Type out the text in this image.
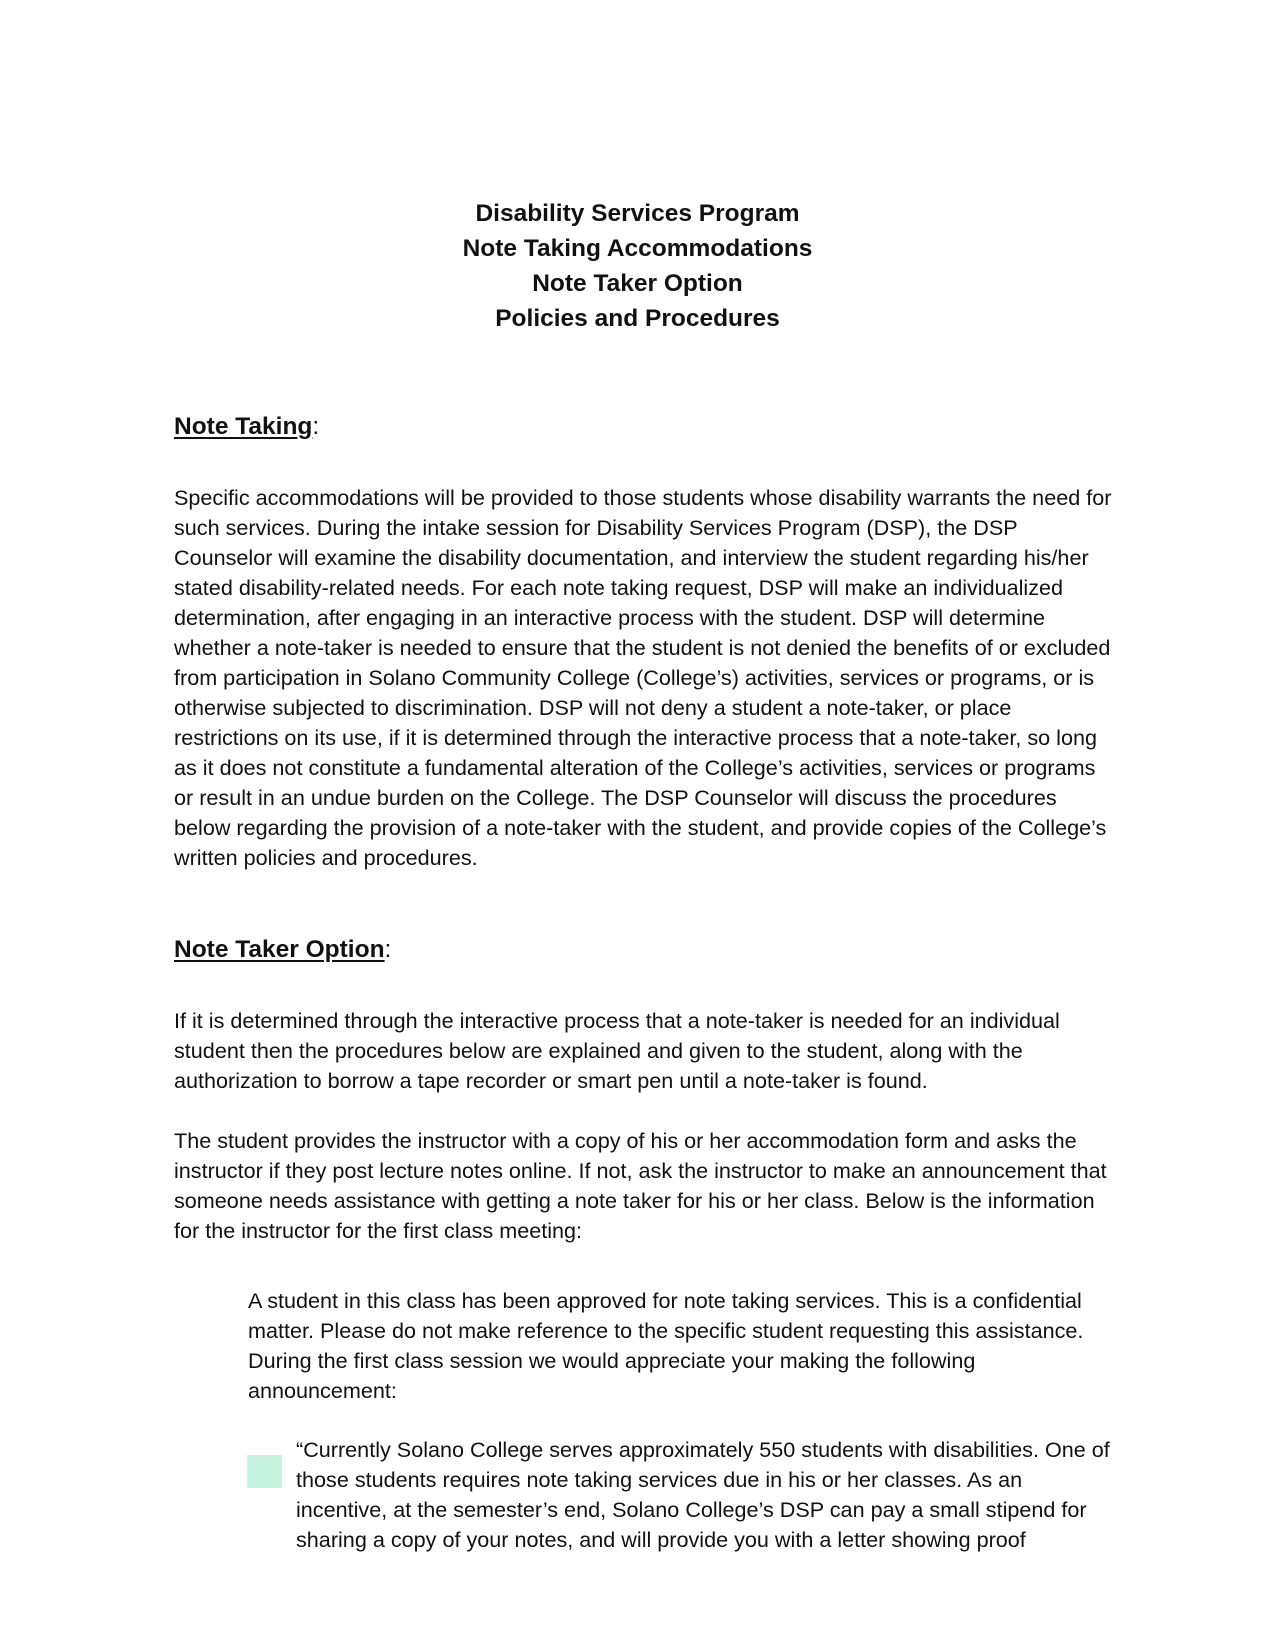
Disability Services Program
Note Taking Accommodations
Note Taker Option
Policies and Procedures
Note Taking:

Specific accommodations will be provided to those students whose disability warrants the need for such services. During the intake session for Disability Services Program (DSP), the DSP Counselor will examine the disability documentation, and interview the student regarding his/her stated disability-related needs. For each note taking request, DSP will make an individualized determination, after engaging in an interactive process with the student. DSP will determine whether a note-taker is needed to ensure that the student is not denied the benefits of or excluded from participation in Solano Community College (College’s) activities, services or programs, or is otherwise subjected to discrimination. DSP will not deny a student a note-taker, or place restrictions on its use, if it is determined through the interactive process that a note-taker, so long as it does not constitute a fundamental alteration of the College’s activities, services or programs or result in an undue burden on the College. The DSP Counselor will discuss the procedures below regarding the provision of a note-taker with the student, and provide copies of the College’s written policies and procedures.

Note Taker Option:

If it is determined through the interactive process that a note-taker is needed for an individual student then the procedures below are explained and given to the student, along with the authorization to borrow a tape recorder or smart pen until a note-taker is found.

The student provides the instructor with a copy of his or her accommodation form and asks the instructor if they post lecture notes online. If not, ask the instructor to make an announcement that someone needs assistance with getting a note taker for his or her class. Below is the information for the instructor for the first class meeting:

A student in this class has been approved for note taking services. This is a confidential matter. Please do not make reference to the specific student requesting this assistance. During the first class session we would appreciate your making the following announcement:

“Currently Solano College serves approximately 550 students with disabilities. One of those students requires note taking services due in his or her classes. As an incentive, at the semester’s end, Solano College’s DSP can pay a small stipend for sharing a copy of your notes, and will provide you with a letter showing proof
